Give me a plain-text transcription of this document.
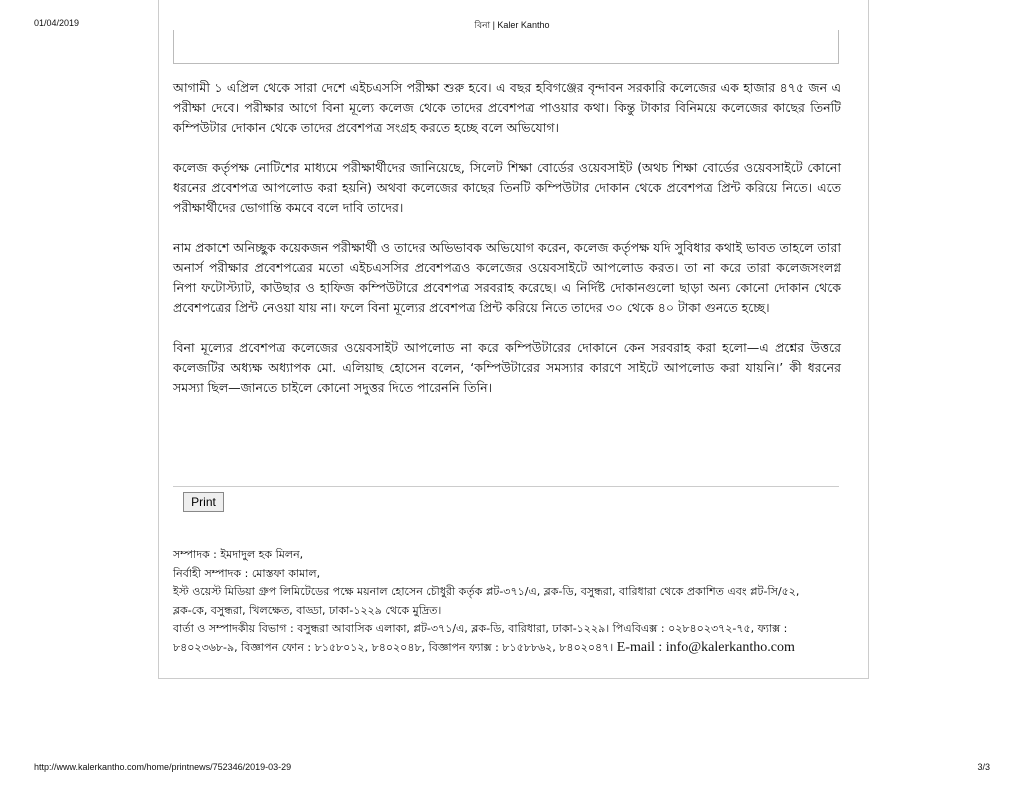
01/04/2019	বিনা | Kaler Kantho

আগামী ১ এপ্রিল থেকে সারা দেশে এইচএসসি পরীক্ষা শুরু হবে। এ বছর হবিগঞ্জের বৃন্দাবন সরকারি কলেজের এক হাজার ৪৭৫ জন এ পরীক্ষা দেবে। পরীক্ষার আগে বিনা মূল্যে কলেজ থেকে তাদের প্রবেশপত্র পাওয়ার কথা। কিন্তু টাকার বিনিময়ে কলেজের কাছের তিনটি কম্পিউটার দোকান থেকে তাদের প্রবেশপত্র সংগ্রহ করতে হচ্ছে বলে অভিযোগ।

কলেজ কর্তৃপক্ষ নোটিশের মাধ্যমে পরীক্ষার্থীদের জানিয়েছে, সিলেট শিক্ষা বোর্ডের ওয়েবসাইট (অথচ শিক্ষা বোর্ডের ওয়েবসাইটে কোনো ধরনের প্রবেশপত্র আপলোড করা হয়নি) অথবা কলেজের কাছের তিনটি কম্পিউটার দোকান থেকে প্রবেশপত্র প্রিন্ট করিয়ে নিতে। এতে পরীক্ষার্থীদের ভোগান্তি কমবে বলে দাবি তাদের।

নাম প্রকাশে অনিচ্ছুক কয়েকজন পরীক্ষার্থী ও তাদের অভিভাবক অভিযোগ করেন, কলেজ কর্তৃপক্ষ যদি সুবিধার কথাই ভাবত তাহলে তারা অনার্স পরীক্ষার প্রবেশপত্রের মতো এইচএসসির প্রবেশপত্রও কলেজের ওয়েবসাইটে আপলোড করত। তা না করে তারা কলেজসংলগ্ন নিপা ফটোস্ট্যাট, কাউছার ও হাফিজ কম্পিউটারে প্রবেশপত্র সরবরাহ করেছে। এ নির্দিষ্ট দোকানগুলো ছাড়া অন্য কোনো দোকান থেকে প্রবেশপত্রের প্রিন্ট নেওয়া যায় না। ফলে বিনা মূল্যের প্রবেশপত্র প্রিন্ট করিয়ে নিতে তাদের ৩০ থেকে ৪০ টাকা গুনতে হচ্ছে।

বিনা মূল্যের প্রবেশপত্র কলেজের ওয়েবসাইট আপলোড না করে কম্পিউটারের দোকানে কেন সরবরাহ করা হলো—এ প্রশ্নের উত্তরে কলেজটির অধ্যক্ষ অধ্যাপক মো. এলিয়াছ হোসেন বলেন, ‘কম্পিউটারের সমস্যার কারণে সাইটে আপলোড করা যায়নি।’ কী ধরনের সমস্যা ছিল—জানতে চাইলে কোনো সদুত্তর দিতে পারেননি তিনি।

Print
সম্পাদক : ইমদাদুল হক মিলন,
নির্বাহী সম্পাদক : মোস্তফা কামাল,
ইস্ট ওয়েস্ট মিডিয়া গ্রুপ লিমিটেডের পক্ষে ময়নাল হোসেন চৌধুরী কর্তৃক প্লট-৩৭১/এ, ব্লক-ডি, বসুন্ধরা, বারিধারা থেকে প্রকাশিত এবং প্লট-সি/৫২,
ব্লক-কে, বসুন্ধরা, খিলক্ষেত, বাড্ডা, ঢাকা-১২২৯ থেকে মুদ্রিত।
বার্তা ও সম্পাদকীয় বিভাগ : বসুন্ধরা আবাসিক এলাকা, প্লট-৩৭১/এ, ব্লক-ডি, বারিধারা, ঢাকা-১২২৯। পিএবিএক্স : ০২৮৪০২৩৭২-৭৫, ফ্যাক্স :
৮৪০২৩৬৮-৯, বিজ্ঞাপন ফোন : ৮১৫৮০১২, ৮৪০২০৪৮, বিজ্ঞাপন ফ্যাক্স : ৮১৫৮৮৬২, ৮৪০২০৪৭। E-mail : info@kalerkantho.com
http://www.kalerkantho.com/home/printnews/752346/2019-03-29	3/3
